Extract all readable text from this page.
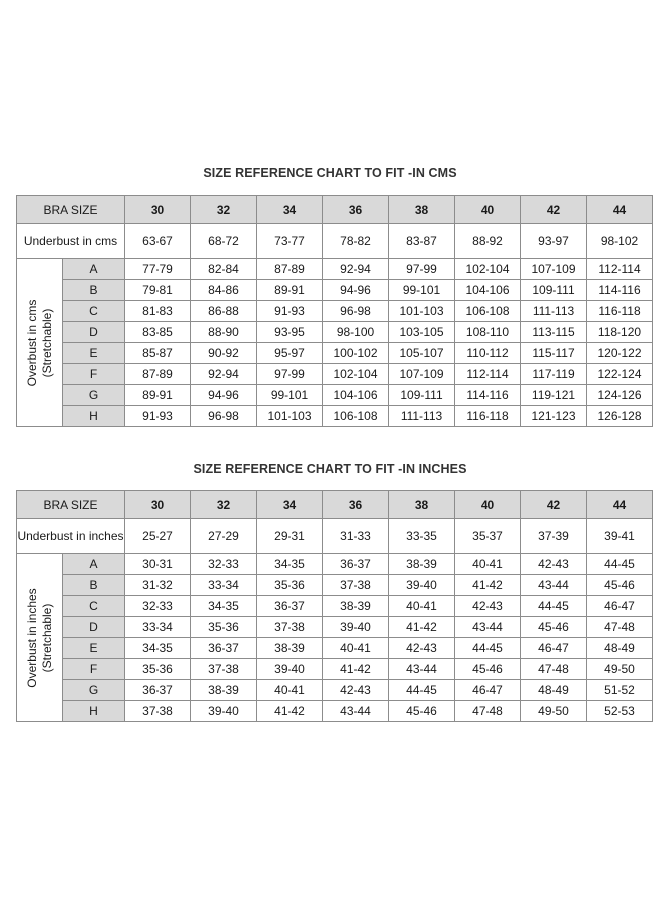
SIZE REFERENCE CHART TO FIT -IN CMS
BRA SIZE		30	32	34	36	38	40	42	44
Underbust in cms		63-67	68-72	73-77	78-82	83-87	88-92	93-97	98-102

Overbust in cms (Stretchable)	A	77-79	82-84	87-89	92-94	97-99	102-104	107-109	112-114
	B	79-81	84-86	89-91	94-96	99-101	104-106	109-111	114-116
	C	81-83	86-88	91-93	96-98	101-103	106-108	111-113	116-118
	D	83-85	88-90	93-95	98-100	103-105	108-110	113-115	118-120
	E	85-87	90-92	95-97	100-102	105-107	110-112	115-117	120-122
	F	87-89	92-94	97-99	102-104	107-109	112-114	117-119	122-124
	G	89-91	94-96	99-101	104-106	109-111	114-116	119-121	124-126
	H	91-93	96-98	101-103	106-108	111-113	116-118	121-123	126-128
SIZE REFERENCE CHART TO FIT -IN INCHES
BRA SIZE		30	32	34	36	38	40	42	44
Underbust in inches		25-27	27-29	29-31	31-33	33-35	35-37	37-39	39-41

Overbust in inches (Stretchable)	A	30-31	32-33	34-35	36-37	38-39	40-41	42-43	44-45
	B	31-32	33-34	35-36	37-38	39-40	41-42	43-44	45-46
	C	32-33	34-35	36-37	38-39	40-41	42-43	44-45	46-47
	D	33-34	35-36	37-38	39-40	41-42	43-44	45-46	47-48
	E	34-35	36-37	38-39	40-41	42-43	44-45	46-47	48-49
	F	35-36	37-38	39-40	41-42	43-44	45-46	47-48	49-50
	G	36-37	38-39	40-41	42-43	44-45	46-47	48-49	51-52
	H	37-38	39-40	41-42	43-44	45-46	47-48	49-50	52-53
